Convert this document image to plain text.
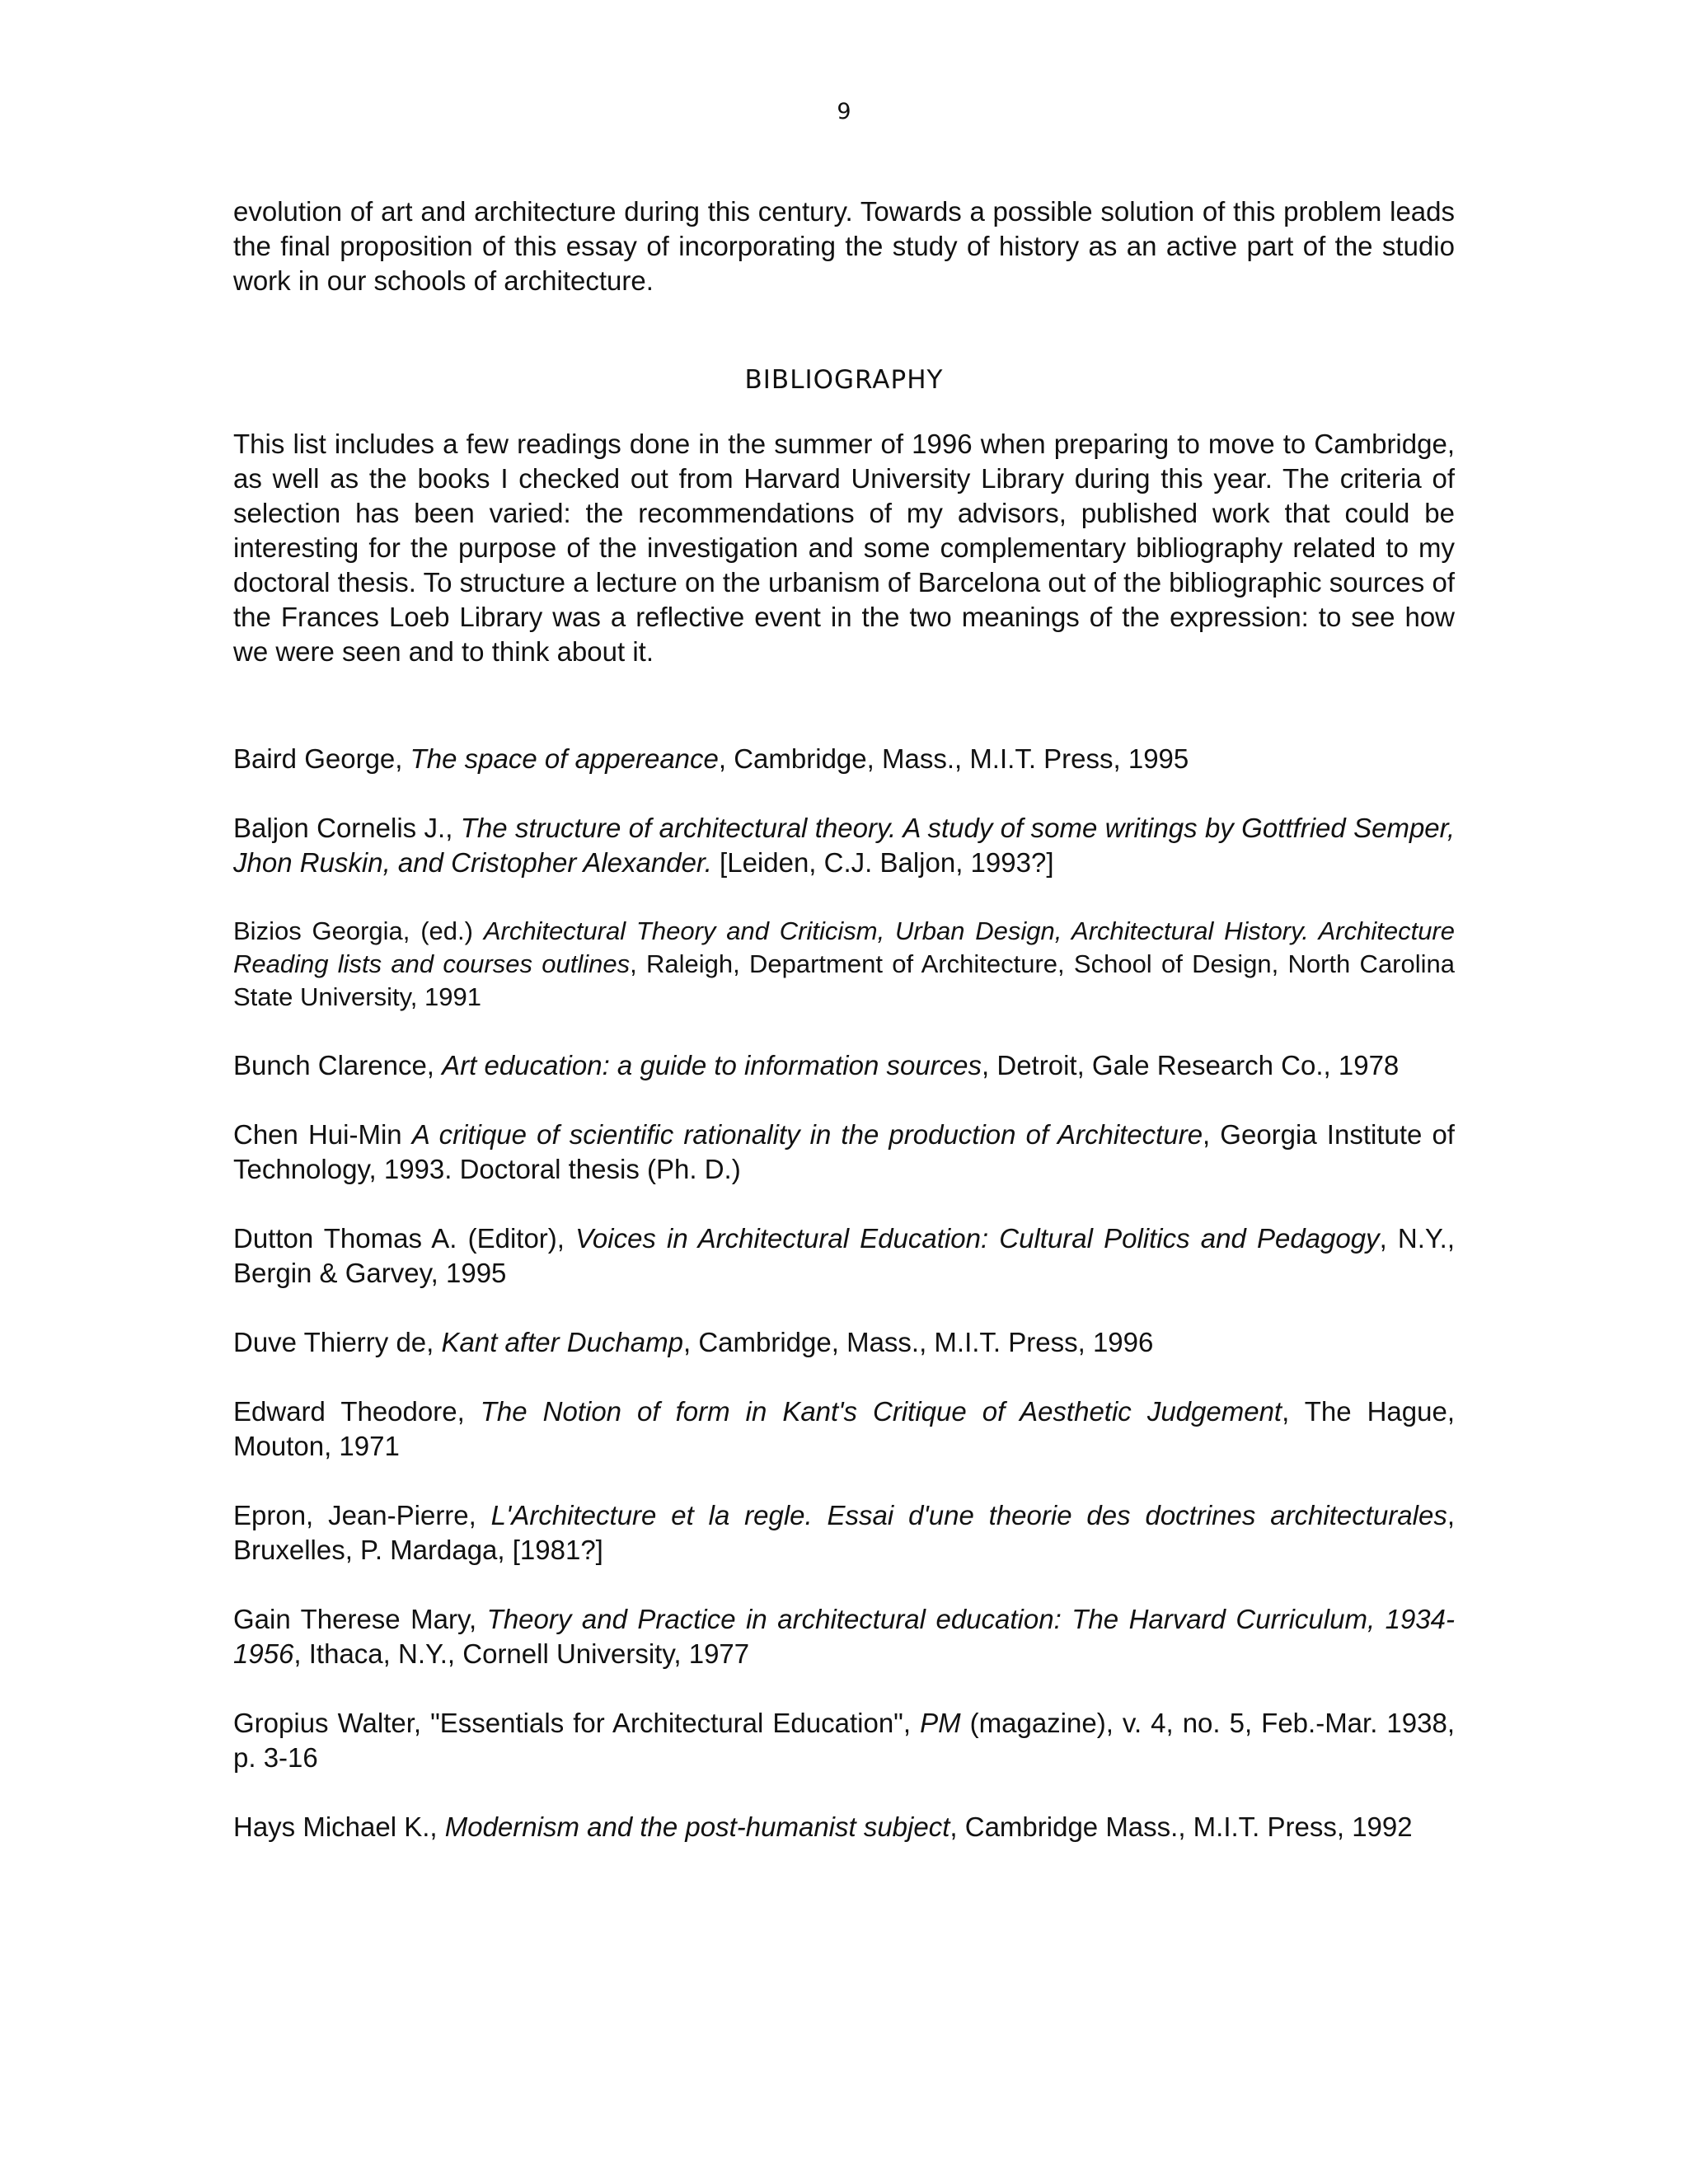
9

evolution of art and architecture during this century. Towards a possible solution of this problem leads the final proposition of this essay of incorporating the study of history as an active part of the studio work in our schools of architecture.

BIBLIOGRAPHY

This list includes a few readings done in the summer of 1996 when preparing to move to Cambridge, as well as the books I checked out from Harvard University Library during this year. The criteria of selection has been varied: the recommendations of my advisors, published work that could be interesting for the purpose of the investigation and some complementary bibliography related to my doctoral thesis. To structure a lecture on the urbanism of Barcelona out of the bibliographic sources of the Frances Loeb Library was a reflective event in the two meanings of the expression: to see how we were seen and to think about it.

Baird George, The space of appereance, Cambridge, Mass., M.I.T. Press, 1995

Baljon Cornelis J., The structure of architectural theory. A study of some writings by Gottfried Semper, Jhon Ruskin, and Cristopher Alexander. [Leiden, C.J. Baljon, 1993?]

Bizios Georgia, (ed.) Architectural Theory and Criticism, Urban Design, Architectural History. Architecture Reading lists and courses outlines, Raleigh, Department of Architecture, School of Design, North Carolina State University, 1991

Bunch Clarence, Art education: a guide to information sources, Detroit, Gale Research Co., 1978

Chen Hui-Min A critique of scientific rationality in the production of Architecture, Georgia Institute of Technology, 1993. Doctoral thesis (Ph. D.)

Dutton Thomas A. (Editor), Voices in Architectural Education: Cultural Politics and Pedagogy, N.Y., Bergin & Garvey, 1995

Duve Thierry de, Kant after Duchamp, Cambridge, Mass., M.I.T. Press, 1996

Edward Theodore, The Notion of form in Kant's Critique of Aesthetic Judgement, The Hague, Mouton, 1971

Epron, Jean-Pierre, L'Architecture et la regle. Essai d'une theorie des doctrines architecturales, Bruxelles, P. Mardaga, [1981?]

Gain Therese Mary, Theory and Practice in architectural education: The Harvard Curriculum, 1934-1956, Ithaca, N.Y., Cornell University, 1977

Gropius Walter, "Essentials for Architectural Education", PM (magazine), v. 4, no. 5, Feb.-Mar. 1938, p. 3-16

Hays Michael K., Modernism and the post-humanist subject, Cambridge Mass., M.I.T. Press, 1992
